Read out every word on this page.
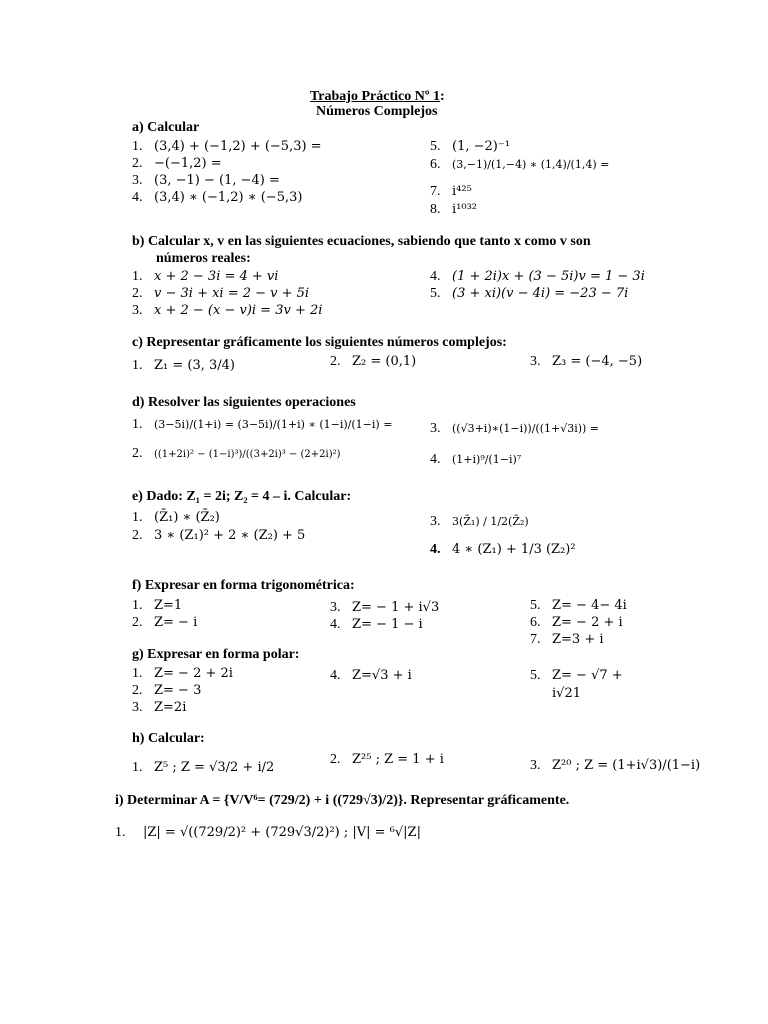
Trabajo Práctico Nº 1:
Números Complejos
a) Calcular
1. (3,4) + (−1,2) + (−5,3) =
2. −(−1,2) =
3. (3, −1) − (1, −4) =
4. (3,4) ∗ (−1,2) ∗ (−5,3)
5. (1, −2)⁻¹
6. (3,−1)/(1,−4) ∗ (1,4)/(1,4) =
7. i⁴²⁵
8. i¹⁰³²
b) Calcular x, v en las siguientes ecuaciones, sabiendo que tanto x como v son
números reales:
1. x + 2 − 3i = 4 + vi
2. v − 3i + xi = 2 − v + 5i
3. x + 2 − (x − v)i = 3v + 2i
4. (1 + 2i)x + (3 − 5i)v = 1 − 3i
5. (3 + xi)(v − 4i) = −23 − 7i
c) Representar gráficamente los siguientes números complejos:
1. Z₁ = (3, 3/4)	2. Z₂ = (0,1)	3. Z₃ = (−4, −5)
d) Resolver las siguientes operaciones
1. (3−5i)/(1+i) = (3−5i)/(1+i) ∗ (1−i)/(1−i) =
2. ((1+2i)² − (1−i)³)/((3+2i)³ − (2+2i)²)
3. ((√3+i)∗(1−i))/((1+√3i)) =
4. (1+i)⁹/(1−i)⁷
e) Dado: Z₁ = 2i; Z₂ = 4 – i. Calcular:
1. (Z̄₁) ∗ (Z̄₂)
2. 3 ∗ (Z₁)² + 2 ∗ (Z₂) + 5
3. 3(Z̄₁) / 1/2(Z̄₂)
4. 4 ∗ (Z₁) + 1/3 (Z₂)²
f) Expresar en forma trigonométrica:
1. Z=1
2. Z= − i
3. Z= − 1 + i√3
4. Z= − 1 − i
5. Z= − 4− 4i
6. Z= − 2 + i
7. Z=3 + i
g) Expresar en forma polar:
1. Z= − 2 + 2i
2. Z= − 3
3. Z=2i
4. Z=√3 + i	5. Z= − √7 +
i√21
h) Calcular:
1. Z⁵ ; Z = √3/2 + i/2
2. Z²⁵ ; Z = 1 + i	3. Z²⁰ ; Z = (1+i√3)/(1−i)
i) Determinar A = {V/V⁶= (729/2) + i ((729√3)/2)}. Representar gráficamente.
1. |Z| = √((729/2)² + (729√3/2)²) ; |V| = ⁶√|Z|
